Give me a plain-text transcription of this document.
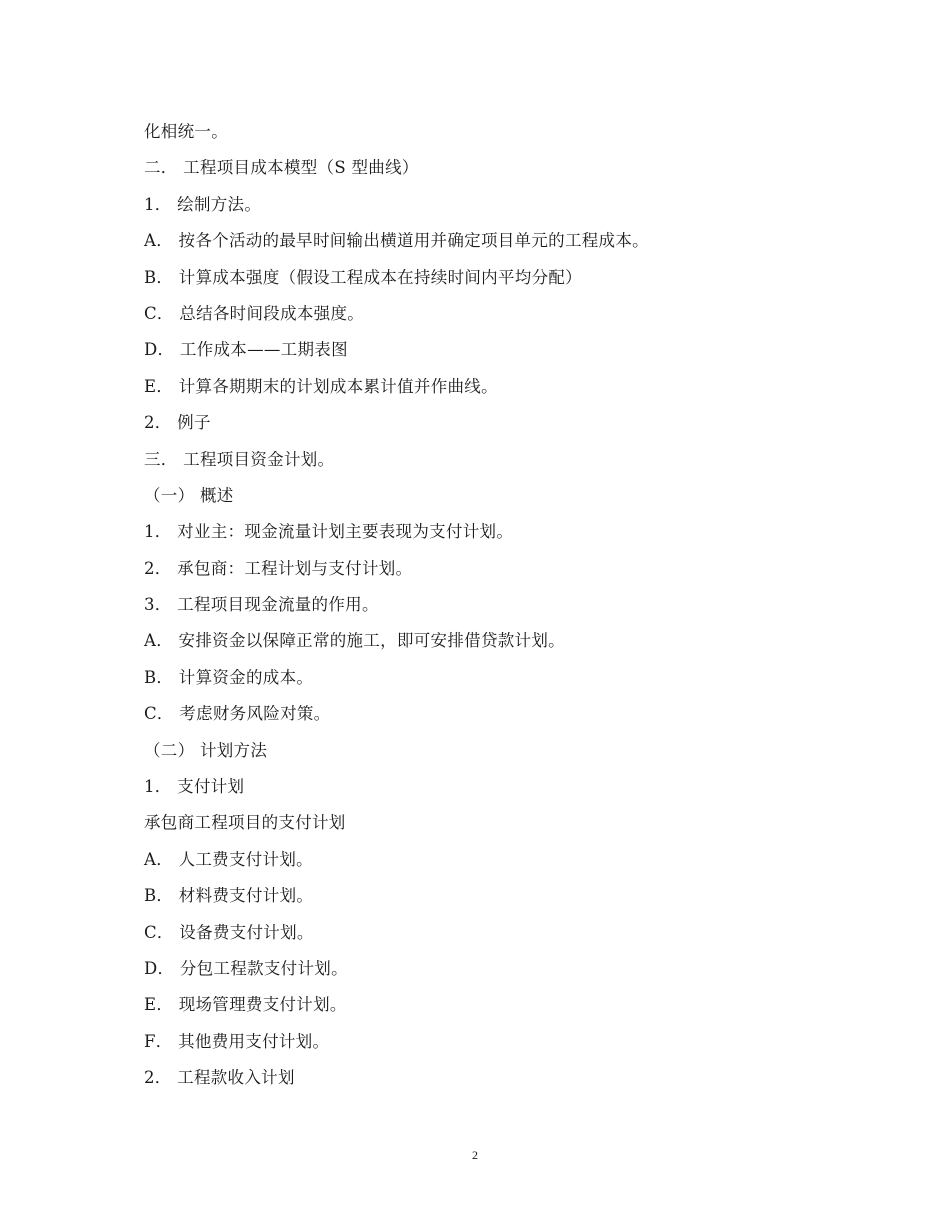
化相统一。
二． 工程项目成本模型（S 型曲线）
1． 绘制方法。
A． 按各个活动的最早时间输出横道用并确定项目单元的工程成本。
B． 计算成本强度（假设工程成本在持续时间内平均分配）
C． 总结各时间段成本强度。
D． 工作成本——工期表图
E． 计算各期期末的计划成本累计值并作曲线。
2． 例子
三． 工程项目资金计划。
（一） 概述
1． 对业主：现金流量计划主要表现为支付计划。
2． 承包商：工程计划与支付计划。
3． 工程项目现金流量的作用。
A． 安排资金以保障正常的施工，即可安排借贷款计划。
B． 计算资金的成本。
C． 考虑财务风险对策。
（二） 计划方法
1． 支付计划
承包商工程项目的支付计划
A． 人工费支付计划。
B． 材料费支付计划。
C． 设备费支付计划。
D． 分包工程款支付计划。
E． 现场管理费支付计划。
F． 其他费用支付计划。
2． 工程款收入计划
2
